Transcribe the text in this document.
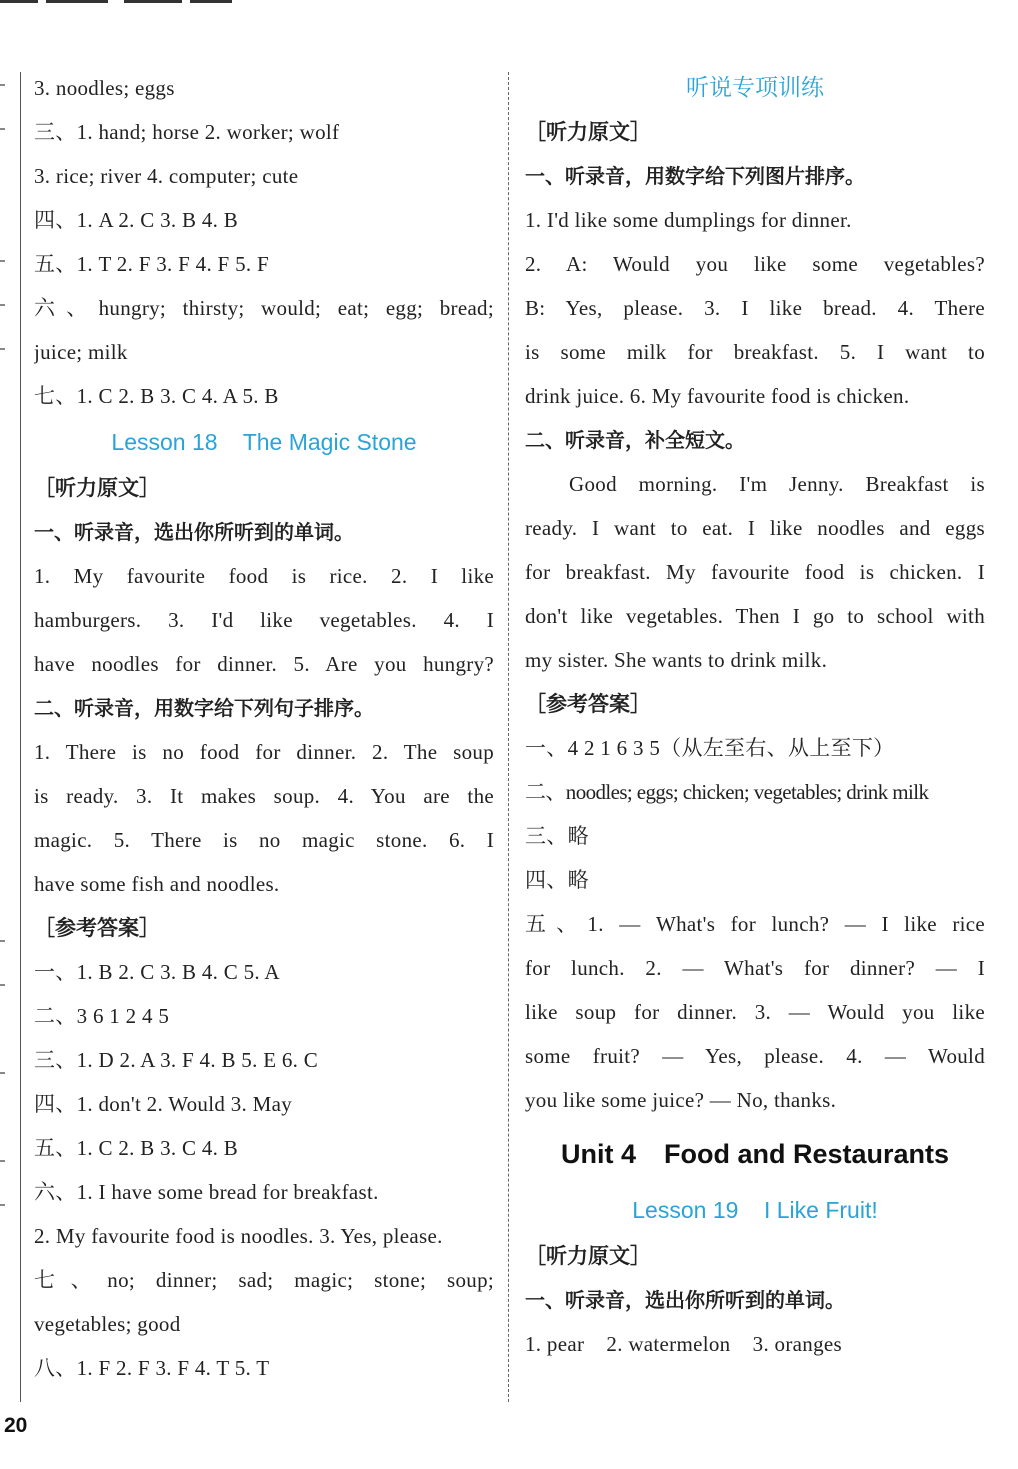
3. noodles; eggs
三、1. hand; horse 2. worker; wolf
3. rice; river 4. computer; cute
四、1. A 2. C 3. B 4. B
五、1. T 2. F 3. F 4. F 5. F
六、hungry; thirsty; would; eat; egg; bread;
juice; milk
七、1. C 2. B 3. C 4. A 5. B
Lesson 18    The Magic Stone
［听力原文］
一、听录音，选出你所听到的单词。
1. My favourite food is rice. 2. I like
hamburgers. 3. I'd like vegetables. 4. I
have noodles for dinner. 5. Are you hungry?
二、听录音，用数字给下列句子排序。
1. There is no food for dinner. 2. The soup
is ready. 3. It makes soup. 4. You are the
magic. 5. There is no magic stone. 6. I
have some fish and noodles.
［参考答案］
一、1. B 2. C 3. B 4. C 5. A
二、3 6 1 2 4 5
三、1. D 2. A 3. F 4. B 5. E 6. C
四、1. don't 2. Would 3. May
五、1. C 2. B 3. C 4. B
六、1. I have some bread for breakfast.
2. My favourite food is noodles. 3. Yes, please.
七、no; dinner; sad; magic; stone; soup;
vegetables; good
八、1. F 2. F 3. F 4. T 5. T
听说专项训练
［听力原文］
一、听录音，用数字给下列图片排序。
1. I'd like some dumplings for dinner.
2. A: Would you like some vegetables?
B: Yes, please. 3. I like bread. 4. There
is some milk for breakfast. 5. I want to
drink juice. 6. My favourite food is chicken.
二、听录音，补全短文。
Good morning. I'm Jenny. Breakfast is
ready. I want to eat. I like noodles and eggs
for breakfast. My favourite food is chicken. I
don't like vegetables. Then I go to school with
my sister. She wants to drink milk.
［参考答案］
一、4 2 1 6 3 5（从左至右、从上至下）
二、noodles; eggs; chicken; vegetables; drink milk
三、略
四、略
五、1. — What's for lunch? — I like rice
for lunch. 2. — What's for dinner? — I
like soup for dinner. 3. — Would you like
some fruit? — Yes, please. 4. — Would
you like some juice? — No, thanks.
Unit 4 Food and Restaurants
Lesson 19    I Like Fruit!
［听力原文］
一、听录音，选出你所听到的单词。
1. pear    2. watermelon    3. oranges
20
